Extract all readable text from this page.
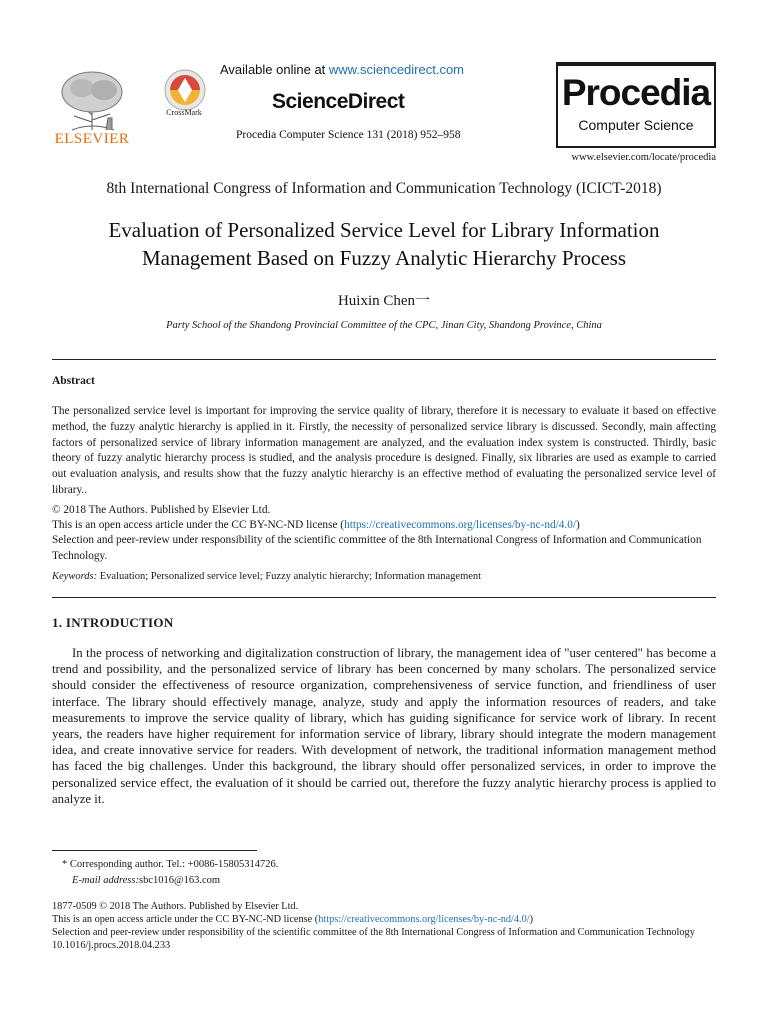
ELSEVIER
CrossMark
Available online at www.sciencedirect.com
ScienceDirect
Procedia Computer Science 131 (2018) 952–958
Procedia
Computer Science
www.elsevier.com/locate/procedia
8th International Congress of Information and Communication Technology (ICICT-2018)
Evaluation of Personalized Service Level for Library Information
Management Based on Fuzzy Analytic Hierarchy Process
Huixin Chen一
Party School of the Shandong Provincial Committee of the CPC, Jinan City, Shandong Province, China
Abstract
The personalized service level is important for improving the service quality of library, therefore it is necessary to evaluate it based on effective method, the fuzzy analytic hierarchy is applied in it. Firstly, the necessity of personalized service library is discussed. Secondly, main affecting factors of personalized service of library information management are analyzed, and the evaluation index system is constructed. Thirdly, basic theory of fuzzy analytic hierarchy process is studied, and the analysis procedure is designed. Finally, six libraries are used as example to carried out evaluation analysis, and results show that the fuzzy analytic hierarchy is an effective method of evaluating the personalized service level of library..

© 2018 The Authors. Published by Elsevier Ltd.

This is an open access article under the CC BY-NC-ND license (https://creativecommons.org/licenses/by-nc-nd/4.0/)

Selection and peer-review under responsibility of the scientific committee of the 8th International Congress of Information and Communication Technology.

Keywords: Evaluation; Personalized service level; Fuzzy analytic hierarchy; Information management
1. INTRODUCTION
In the process of networking and digitalization construction of library, the management idea of "user centered" has become a trend and possibility, and the personalized service of library has been concerned by many scholars. The personalized service should consider the effectiveness of resource organization, comprehensiveness of service function, and friendliness of user interface. The library should effectively manage, analyze, study and apply the information resources of readers, and take measurements to improve the service quality of library, which has guiding significance for service work of library. In recent years, the readers have higher requirement for information service of library, library should integrate the modern management idea, and create innovative service for readers. With development of network, the traditional information management method has faced the big challenges. Under this background, the library should offer personalized services, in order to improve the personalized service effect, the evaluation of it should be carried out, therefore the fuzzy analytic hierarchy process is applied to analyze it.
* Corresponding author. Tel.: +0086-15805314726.
E-mail address:sbc1016@163.com

1877-0509 © 2018 The Authors. Published by Elsevier Ltd.

This is an open access article under the CC BY-NC-ND license (https://creativecommons.org/licenses/by-nc-nd/4.0/)

Selection and peer-review under responsibility of the scientific committee of the 8th International Congress of Information and Communication Technology

10.1016/j.procs.2018.04.233
